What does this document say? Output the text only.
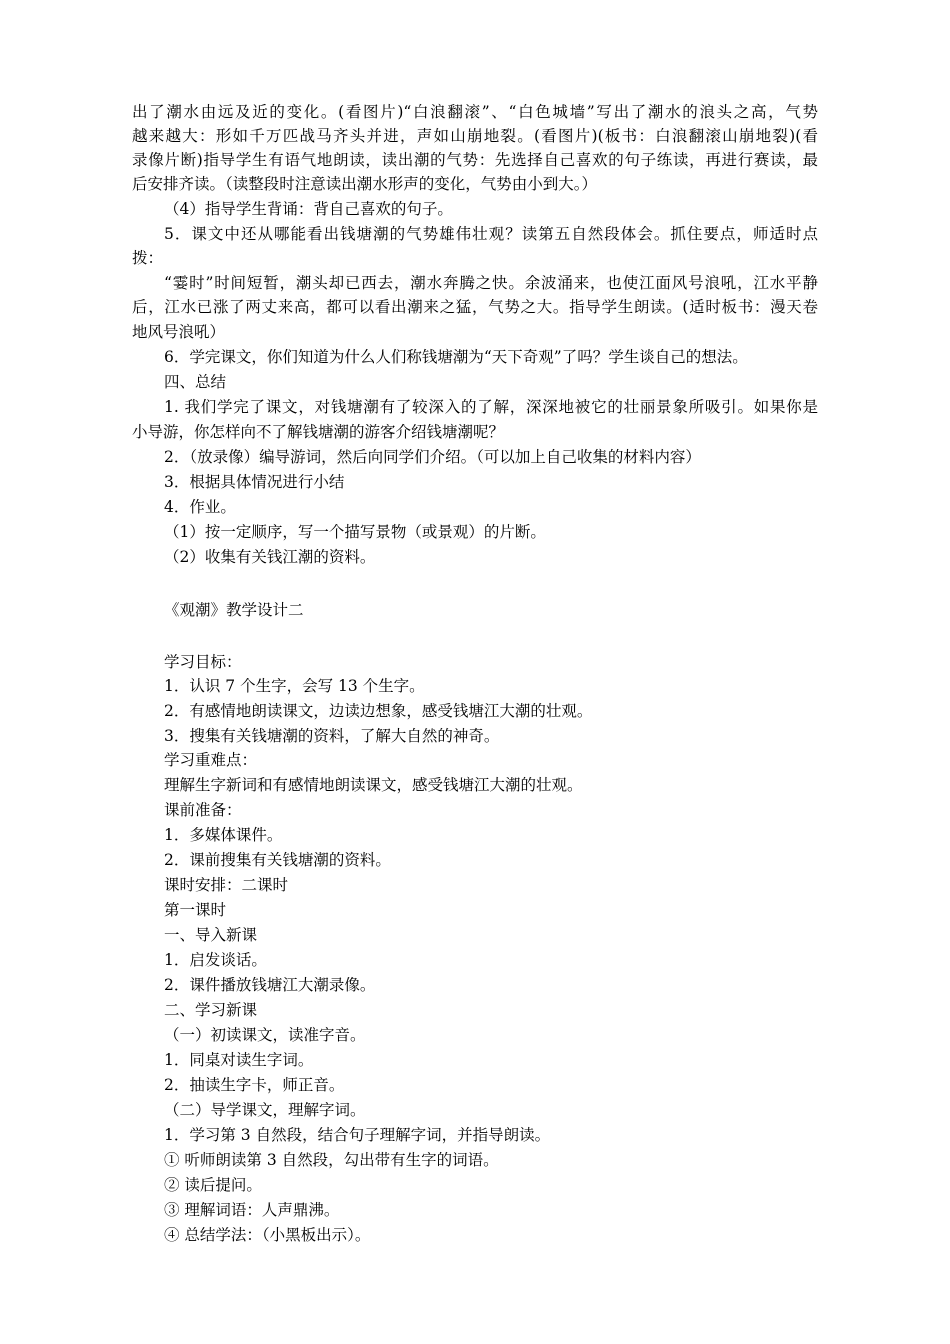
出了潮水由远及近的变化。(看图片)“白浪翻滚”、“白色城墙”写出了潮水的浪头之高，气势
越来越大：形如千万匹战马齐头并进，声如山崩地裂。(看图片)(板书：白浪翻滚山崩地裂)(看
录像片断)指导学生有语气地朗读，读出潮的气势：先选择自己喜欢的句子练读，再进行赛读，最
后安排齐读。（读整段时注意读出潮水形声的变化，气势由小到大。）
（4）指导学生背诵：背自己喜欢的句子。
5．课文中还从哪能看出钱塘潮的气势雄伟壮观？读第五自然段体会。抓住要点，师适时点
拨：
“霎时”时间短暂，潮头却已西去，潮水奔腾之快。余波涌来，也使江面风号浪吼，江水平静
后，江水已涨了两丈来高，都可以看出潮来之猛，气势之大。指导学生朗读。(适时板书：漫天卷
地风号浪吼）
6．学完课文，你们知道为什么人们称钱塘潮为“天下奇观”了吗？学生谈自己的想法。
四、总结
1. 我们学完了课文，对钱塘潮有了较深入的了解，深深地被它的壮丽景象所吸引。如果你是
小导游，你怎样向不了解钱塘潮的游客介绍钱塘潮呢？
2．（放录像）编导游词，然后向同学们介绍。（可以加上自己收集的材料内容）
3．根据具体情况进行小结
4．作业。
（1）按一定顺序，写一个描写景物（或景观）的片断。
（2）收集有关钱江潮的资料。
《观潮》教学设计二
学习目标：
1．认识 7 个生字，会写 13 个生字。
2．有感情地朗读课文，边读边想象，感受钱塘江大潮的壮观。
3．搜集有关钱塘潮的资料，了解大自然的神奇。
学习重难点：
理解生字新词和有感情地朗读课文，感受钱塘江大潮的壮观。
课前准备：
1．多媒体课件。
2．课前搜集有关钱塘潮的资料。
课时安排：二课时
第一课时
一、导入新课
1．启发谈话。
2．课件播放钱塘江大潮录像。
二、学习新课
（一）初读课文，读准字音。
1．同桌对读生字词。
2．抽读生字卡，师正音。
（二）导学课文，理解字词。
1．学习第 3 自然段，结合句子理解字词，并指导朗读。
① 听师朗读第 3 自然段，勾出带有生字的词语。
② 读后提问。
③ 理解词语：人声鼎沸。
④ 总结学法：（小黑板出示）。
